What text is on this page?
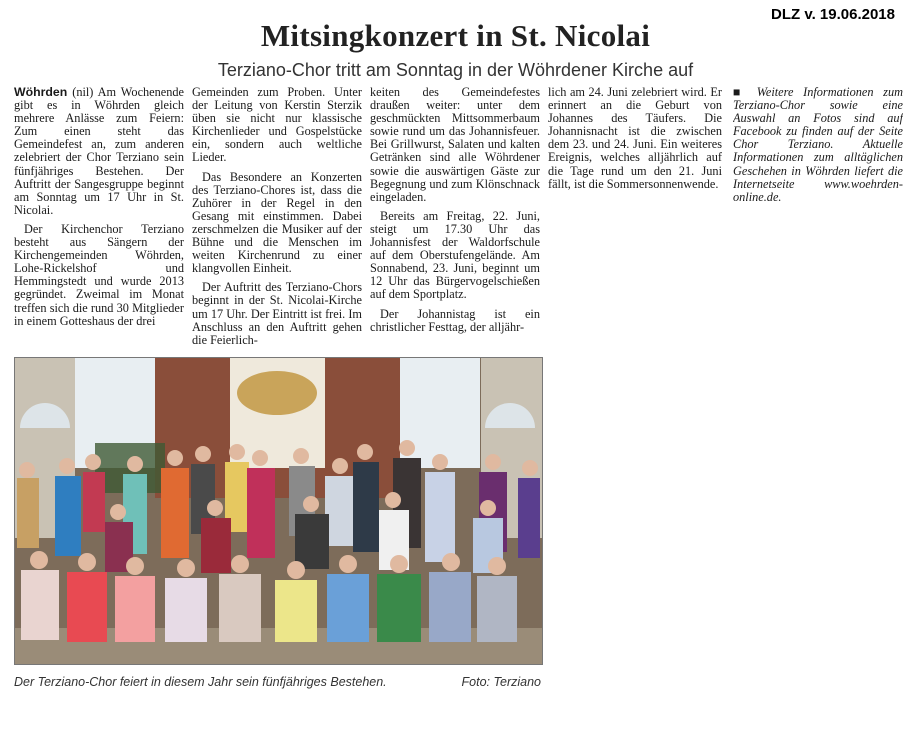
DLZ v. 19.06.2018
Mitsingkonzert in St. Nicolai
Terziano-Chor tritt am Sonntag in der Wöhrdener Kirche auf

Wöhrden (nil) Am Wochenende gibt es in Wöhrden gleich mehrere Anlässe zum Feiern: Zum einen steht das Gemeindefest an, zum anderen zelebriert der Chor Terziano sein fünfjähriges Bestehen. Der Auftritt der Sangesgruppe beginnt am Sonntag um 17 Uhr in St. Nicolai.

Der Kirchenchor Terziano besteht aus Sängern der Kirchengemeinden Wöhrden, Lohe-Rickelshof und Hemmingstedt und wurde 2013 gegründet. Zweimal im Monat treffen sich die rund 30 Mitglieder in einem Gotteshaus der drei

Gemeinden zum Proben. Unter der Leitung von Kerstin Sterzik üben sie nicht nur klassische Kirchenlieder und Gospelstücke ein, sondern auch weltliche Lieder.

Das Besondere an Konzerten des Terziano-Chores ist, dass die Zuhörer in der Regel in den Gesang mit einstimmen. Dabei zerschmelzen die Musiker auf der Bühne und die Menschen im weiten Kirchenrund zu einer klangvollen Einheit.

Der Auftritt des Terziano-Chors beginnt in der St. Nicolai-Kirche um 17 Uhr. Der Eintritt ist frei. Im Anschluss an den Auftritt gehen die Feierlich-

keiten des Gemeindefestes draußen weiter: unter dem geschmückten Mittsommerbaum sowie rund um das Johannisfeuer. Bei Grillwurst, Salaten und kalten Getränken sind alle Wöhrdener sowie die auswärtigen Gäste zur Begegnung und zum Klönschnack eingeladen.

Bereits am Freitag, 22. Juni, steigt um 17.30 Uhr das Johannisfest der Waldorfschule auf dem Oberstufengelände. Am Sonnabend, 23. Juni, beginnt um 12 Uhr das Bürgervogelschießen auf dem Sportplatz.

Der Johannistag ist ein christlicher Festtag, der alljähr-

lich am 24. Juni zelebriert wird. Er erinnert an die Geburt von Johannes des Täufers. Die Johannisnacht ist die zwischen dem 23. und 24. Juni. Ein weiteres Ereignis, welches alljährlich auf die Tage rund um den 21. Juni fällt, ist die Sommersonnenwende.

■ Weitere Informationen zum Terziano-Chor sowie eine Auswahl an Fotos sind auf Facebook zu finden auf der Seite Chor Terziano. Aktuelle Informationen zum alltäglichen Geschehen in Wöhrden liefert die Internetseite www.woehrden-online.de.

Der Terziano-Chor feiert in diesem Jahr sein fünfjähriges Bestehen.	Foto: Terziano
